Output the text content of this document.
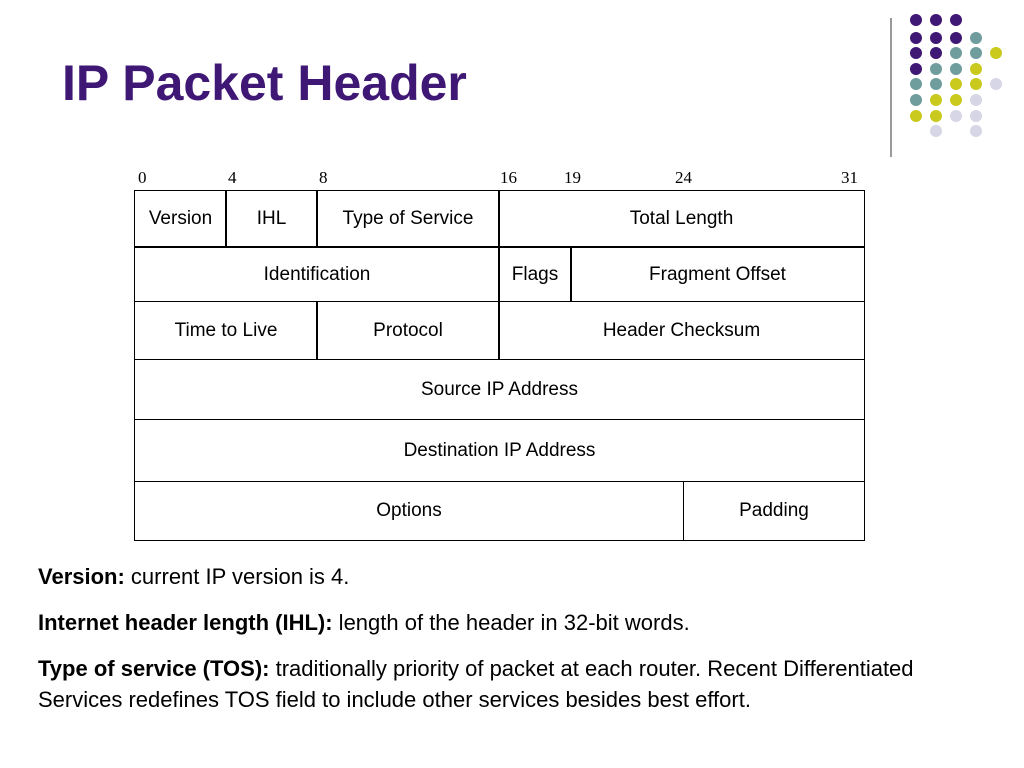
IP Packet Header
0	4	8	16	19	24	31
Version	IHL	Type of Service	Total Length
Identification	Flags	Fragment Offset
Time to Live	Protocol	Header Checksum
Source IP Address
Destination IP Address
Options	Padding
Version: current IP version is 4.
Internet header length (IHL): length of the header in 32-bit words.
Type of service (TOS): traditionally priority of packet at each router. Recent Differentiated Services redefines TOS field to include other services besides best effort.
